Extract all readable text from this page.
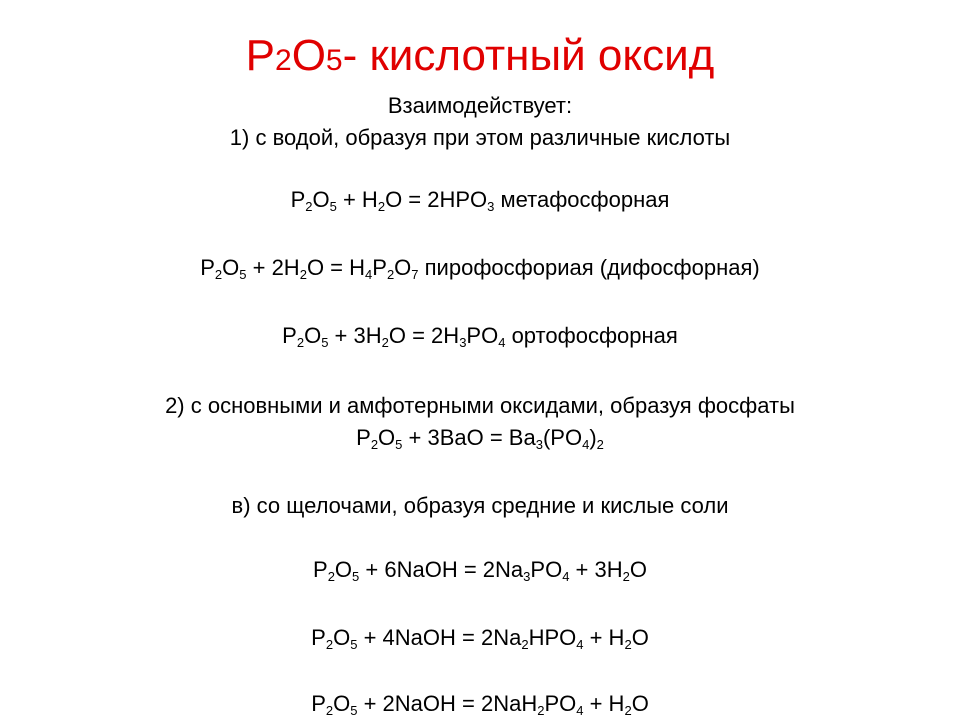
P2O5- кислотный оксид
Взаимодействует:
1) с водой, образуя при этом различные кислоты
$P_2O_5 + H_2O = 2HPO_3$ метафосфорная
$P_2O_5 + 2H_2O = H_4P_2O_7$ пирофосфориая (дифосфорная)
$P_2O_5 + 3H_2O = 2H_3PO_4$ ортофосфорная
2) с основными и амфотерными оксидами, образуя фосфаты
$P_2O_5 + 3BaO = Ba_3(PO_4)_2$
в) со щелочами, образуя средние и кислые соли
$P_2O_5$ + 6NaOH = $2Na_3PO_4 + 3H_2O$
$P_2O_5$ + 4NaOH = $2Na_2HPO_4 + H_2O$
$P_2O_5$ + 2NaOH = $2NaH_2PO_4 + H_2O$
